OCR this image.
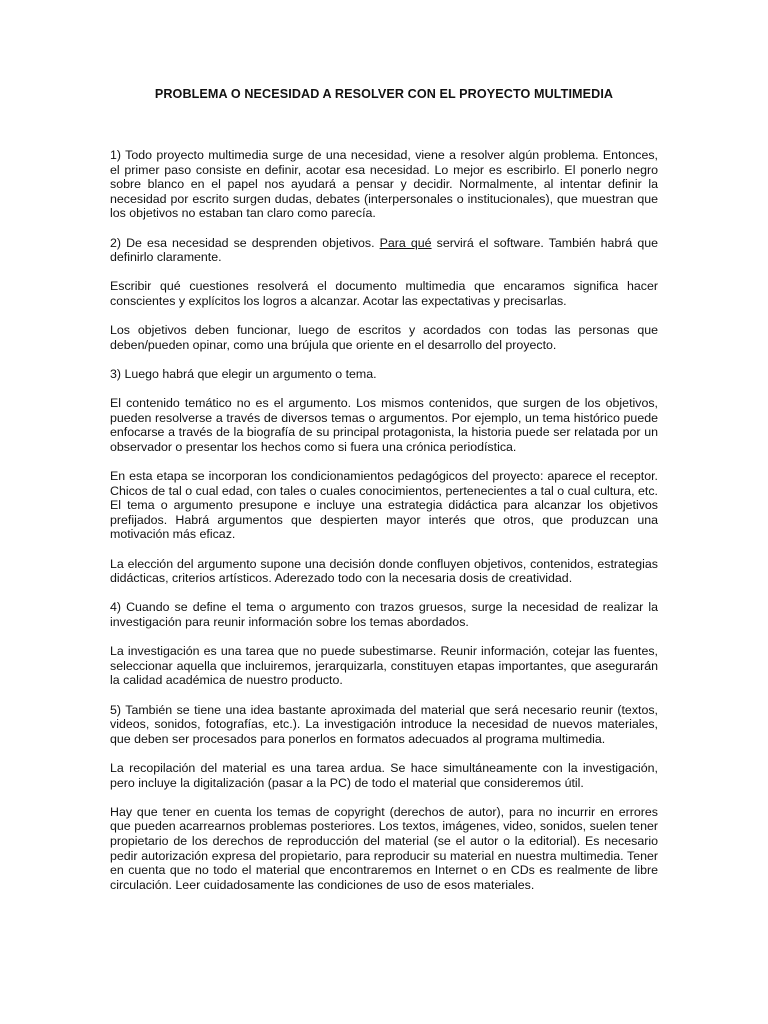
PROBLEMA O NECESIDAD A RESOLVER CON EL PROYECTO MULTIMEDIA

1) Todo proyecto multimedia surge de una necesidad, viene a resolver algún problema. Entonces, el primer paso consiste en definir, acotar esa necesidad. Lo mejor es escribirlo. El ponerlo negro sobre blanco en el papel nos ayudará a pensar y decidir. Normalmente, al intentar definir la necesidad por escrito surgen dudas, debates (interpersonales o institucionales), que muestran que los objetivos no estaban tan claro como parecía.

2) De esa necesidad se desprenden objetivos. Para qué servirá el software. También habrá que definirlo claramente.

Escribir qué cuestiones resolverá el documento multimedia que encaramos significa hacer conscientes y explícitos los logros a alcanzar. Acotar las expectativas y precisarlas.

Los objetivos deben funcionar, luego de escritos y acordados con todas las personas que deben/pueden opinar, como una brújula que oriente en el desarrollo del proyecto.

3) Luego habrá que elegir un argumento o tema.

El contenido temático no es el argumento. Los mismos contenidos, que surgen de los objetivos, pueden resolverse a través de diversos temas o argumentos. Por ejemplo, un tema histórico puede enfocarse a través de la biografía de su principal protagonista, la historia puede ser relatada por un observador o presentar los hechos como si fuera una crónica periodística.

En esta etapa se incorporan los condicionamientos pedagógicos del proyecto: aparece el receptor. Chicos de tal o cual edad, con tales o cuales conocimientos, pertenecientes a tal o cual cultura, etc. El tema o argumento presupone e incluye una estrategia didáctica para alcanzar los objetivos prefijados. Habrá argumentos que despierten mayor interés que otros, que produzcan una motivación más eficaz.

La elección del argumento supone una decisión donde confluyen objetivos, contenidos, estrategias didácticas, criterios artísticos. Aderezado todo con la necesaria dosis de creatividad.

4) Cuando se define el tema o argumento con trazos gruesos, surge la necesidad de realizar la investigación para reunir información sobre los temas abordados.

La investigación es una tarea que no puede subestimarse. Reunir información, cotejar las fuentes, seleccionar aquella que incluiremos, jerarquizarla, constituyen etapas importantes, que asegurarán la calidad académica de nuestro producto.

5) También se tiene una idea bastante aproximada del material que será necesario reunir (textos, videos, sonidos, fotografías, etc.). La investigación introduce la necesidad de nuevos materiales, que deben ser procesados para ponerlos en formatos adecuados al programa multimedia.

La recopilación del material es una tarea ardua. Se hace simultáneamente con la investigación, pero incluye la digitalización (pasar a la PC) de todo el material que consideremos útil.

Hay que tener en cuenta los temas de copyright (derechos de autor), para no incurrir en errores que pueden acarrearnos problemas posteriores. Los textos, imágenes, video, sonidos, suelen tener propietario de los derechos de reproducción del material (se el autor o la editorial). Es necesario pedir autorización expresa del propietario, para reproducir su material en nuestra multimedia. Tener en cuenta que no todo el material que encontraremos en Internet o en CDs es realmente de libre circulación. Leer cuidadosamente las condiciones de uso de esos materiales.
